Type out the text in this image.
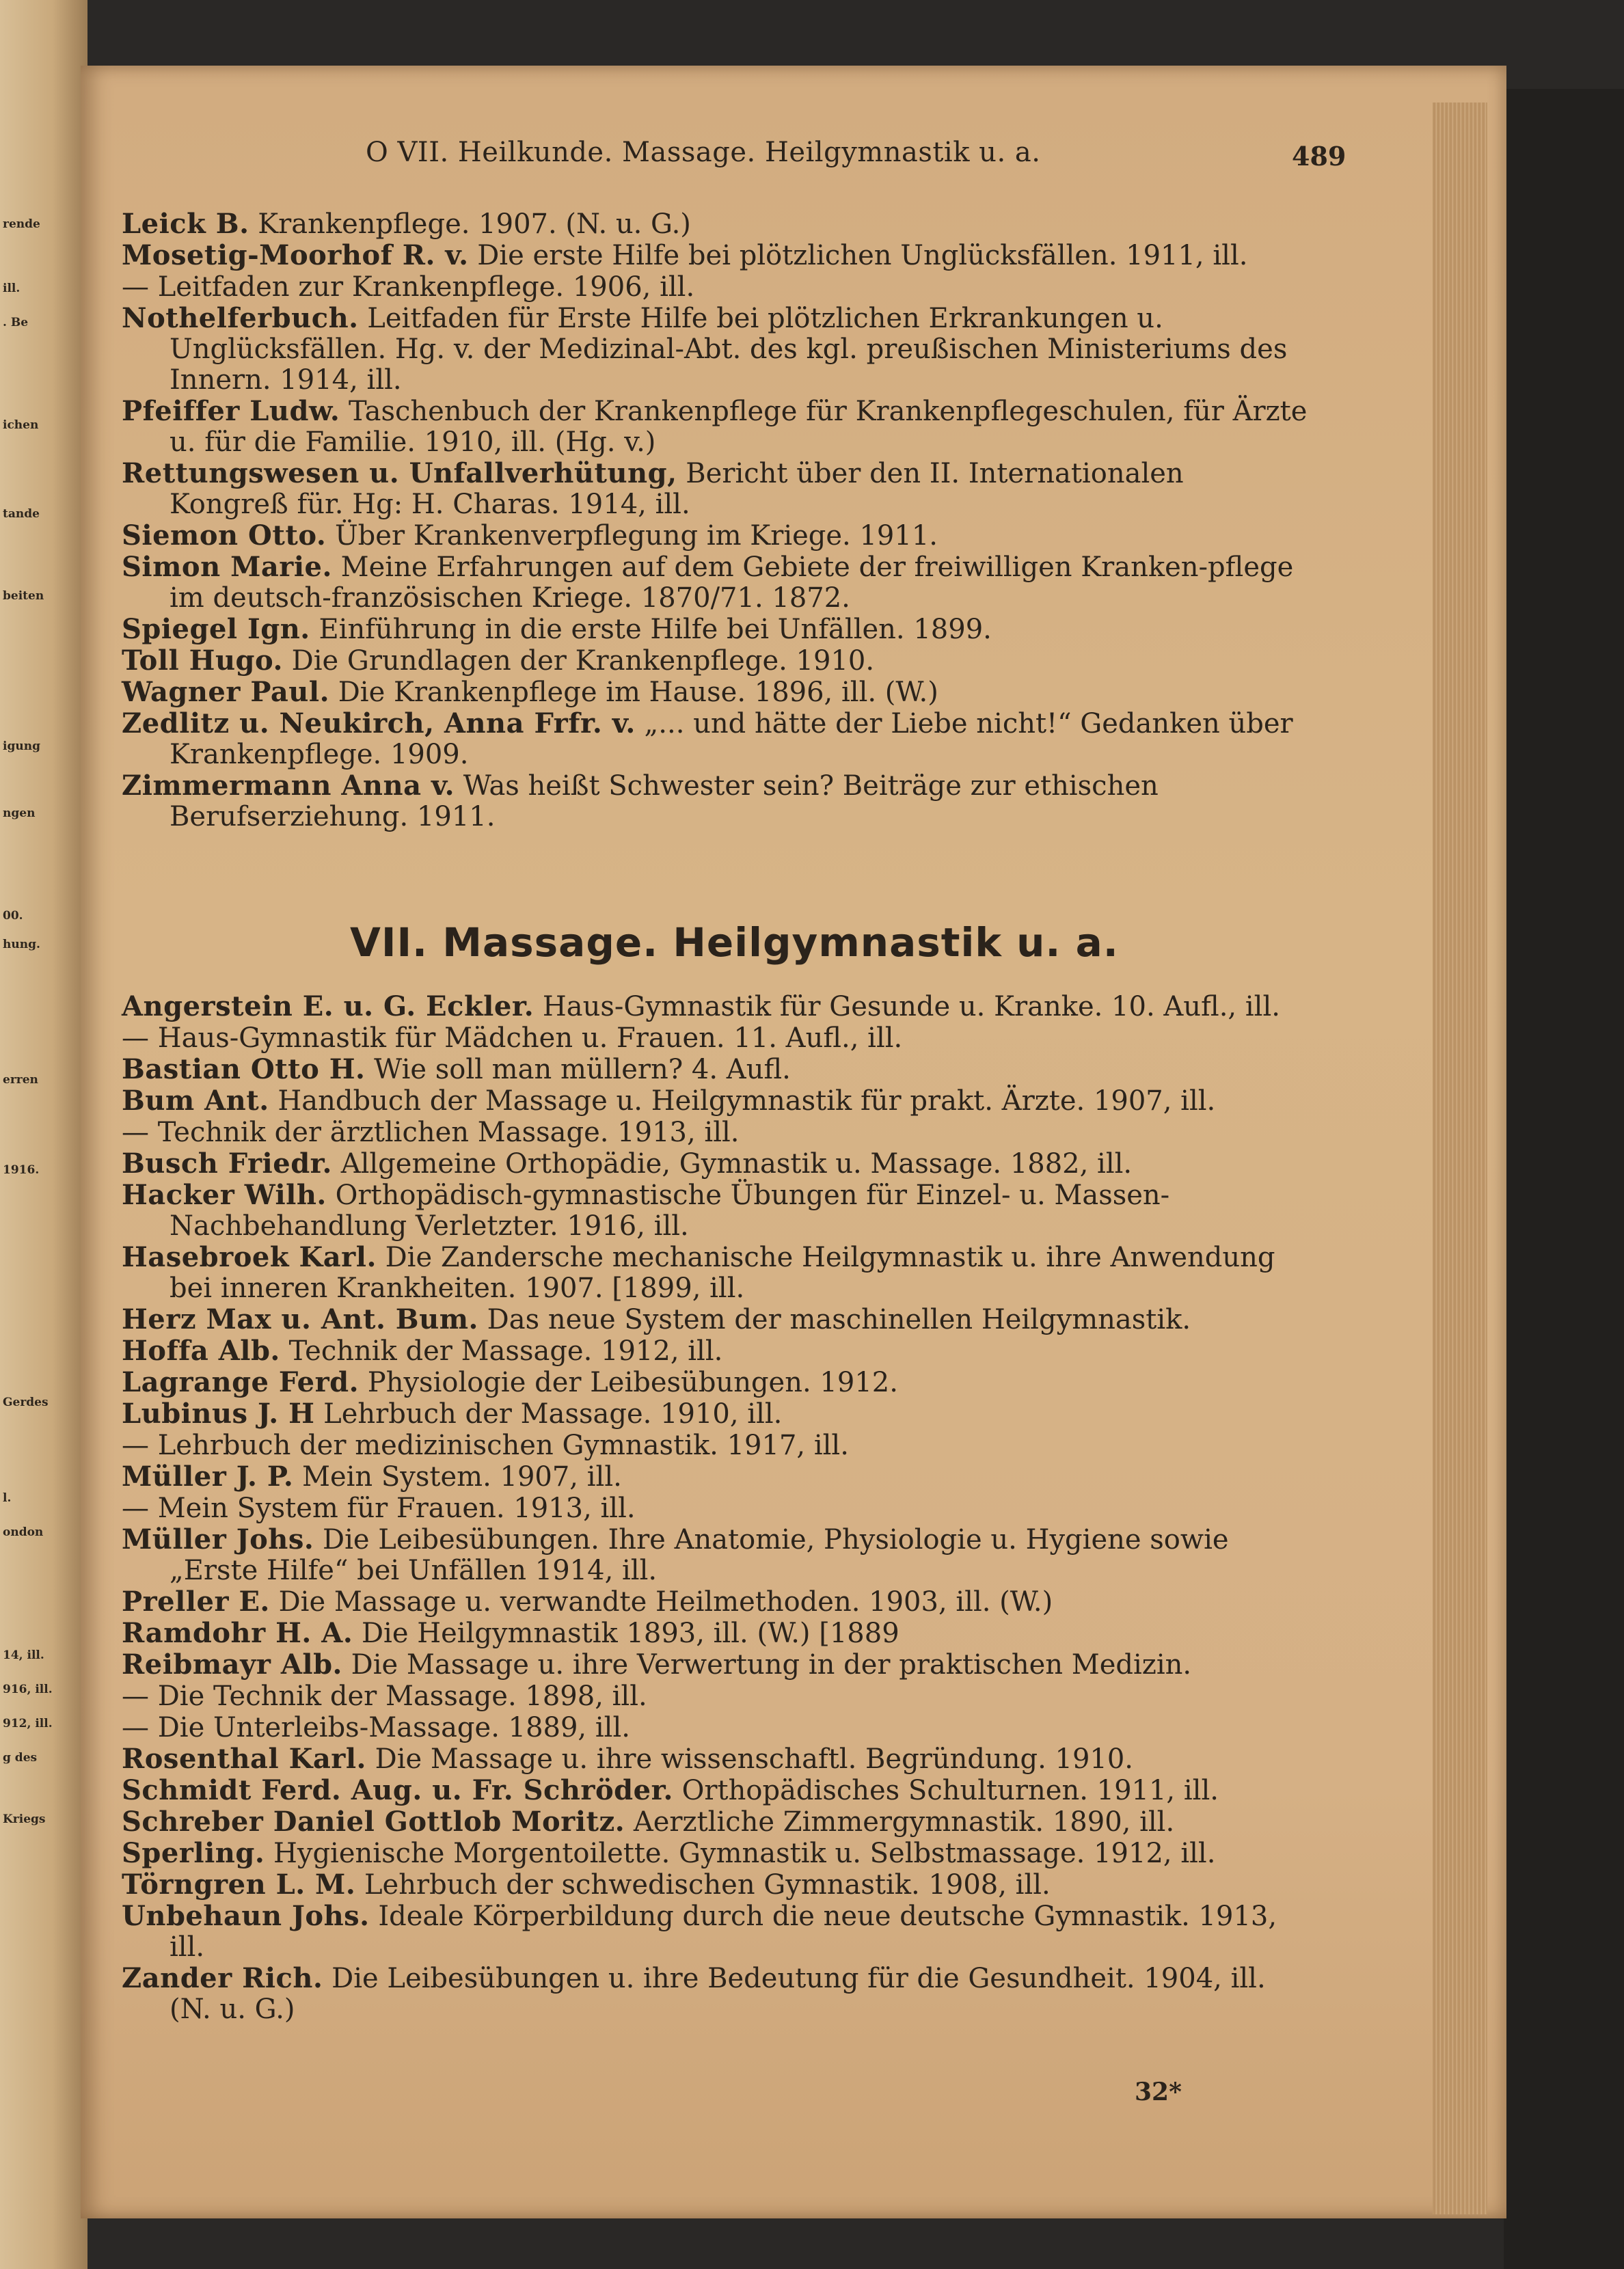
rende
ill.
. Be
ichen
tande
beiten
igung
ngen
00.
hung.
erren
1916.
Gerdes
l.
ondon
14, ill.
916, ill.
912, ill.
g des
Kriegs
O VII. Heilkunde. Massage. Heilgymnastik u. a.	489

Leick B. Krankenpflege. 1907. (N. u. G.)

Mosetig-Moorhof R. v. Die erste Hilfe bei plötzlichen Unglücksfällen. 1911, ill.

— Leitfaden zur Krankenpflege. 1906, ill.

Nothelferbuch. Leitfaden für Erste Hilfe bei plötzlichen Erkrankungen u. Unglücksfällen. Hg. v. der Medizinal-Abt. des kgl. preußischen Ministeriums des Innern. 1914, ill.

Pfeiffer Ludw. Taschenbuch der Krankenpflege für Krankenpflegeschulen, für Ärzte u. für die Familie. 1910, ill. (Hg. v.)

Rettungswesen u. Unfallverhütung, Bericht über den II. Internationalen Kongreß für. Hg: H. Charas. 1914, ill.

Siemon Otto. Über Krankenverpflegung im Kriege. 1911.

Simon Marie. Meine Erfahrungen auf dem Gebiete der freiwilligen Kranken-pflege im deutsch-französischen Kriege. 1870/71. 1872.

Spiegel Ign. Einführung in die erste Hilfe bei Unfällen. 1899.

Toll Hugo. Die Grundlagen der Krankenpflege. 1910.

Wagner Paul. Die Krankenpflege im Hause. 1896, ill. (W.)

Zedlitz u. Neukirch, Anna Frfr. v. „... und hätte der Liebe nicht!“ Gedanken über Krankenpflege. 1909.

Zimmermann Anna v. Was heißt Schwester sein? Beiträge zur ethischen Berufserziehung. 1911.

VII. Massage. Heilgymnastik u. a.

Angerstein E. u. G. Eckler. Haus-Gymnastik für Gesunde u. Kranke. 10. Aufl., ill.

— Haus-Gymnastik für Mädchen u. Frauen. 11. Aufl., ill.

Bastian Otto H. Wie soll man müllern? 4. Aufl.

Bum Ant. Handbuch der Massage u. Heilgymnastik für prakt. Ärzte. 1907, ill.

— Technik der ärztlichen Massage. 1913, ill.

Busch Friedr. Allgemeine Orthopädie, Gymnastik u. Massage. 1882, ill.

Hacker Wilh. Orthopädisch-gymnastische Übungen für Einzel- u. Massen-Nachbehandlung Verletzter. 1916, ill.

Hasebroek Karl. Die Zandersche mechanische Heilgymnastik u. ihre Anwendung bei inneren Krankheiten. 1907. [1899, ill.

Herz Max u. Ant. Bum. Das neue System der maschinellen Heilgymnastik.

Hoffa Alb. Technik der Massage. 1912, ill.

Lagrange Ferd. Physiologie der Leibesübungen. 1912.

Lubinus J. H Lehrbuch der Massage. 1910, ill.

— Lehrbuch der medizinischen Gymnastik. 1917, ill.

Müller J. P. Mein System. 1907, ill.

— Mein System für Frauen. 1913, ill.

Müller Johs. Die Leibesübungen. Ihre Anatomie, Physiologie u. Hygiene sowie „Erste Hilfe“ bei Unfällen 1914, ill.

Preller E. Die Massage u. verwandte Heilmethoden. 1903, ill. (W.)

Ramdohr H. A. Die Heilgymnastik 1893, ill. (W.) [1889

Reibmayr Alb. Die Massage u. ihre Verwertung in der praktischen Medizin.

— Die Technik der Massage. 1898, ill.

— Die Unterleibs-Massage. 1889, ill.

Rosenthal Karl. Die Massage u. ihre wissenschaftl. Begründung. 1910.

Schmidt Ferd. Aug. u. Fr. Schröder. Orthopädisches Schulturnen. 1911, ill.

Schreber Daniel Gottlob Moritz. Aerztliche Zimmergymnastik. 1890, ill.

Sperling. Hygienische Morgentoilette. Gymnastik u. Selbstmassage. 1912, ill.

Törngren L. M. Lehrbuch der schwedischen Gymnastik. 1908, ill.

Unbehaun Johs. Ideale Körperbildung durch die neue deutsche Gymnastik. 1913, ill.

Zander Rich. Die Leibesübungen u. ihre Bedeutung für die Gesundheit. 1904, ill. (N. u. G.)

32*
